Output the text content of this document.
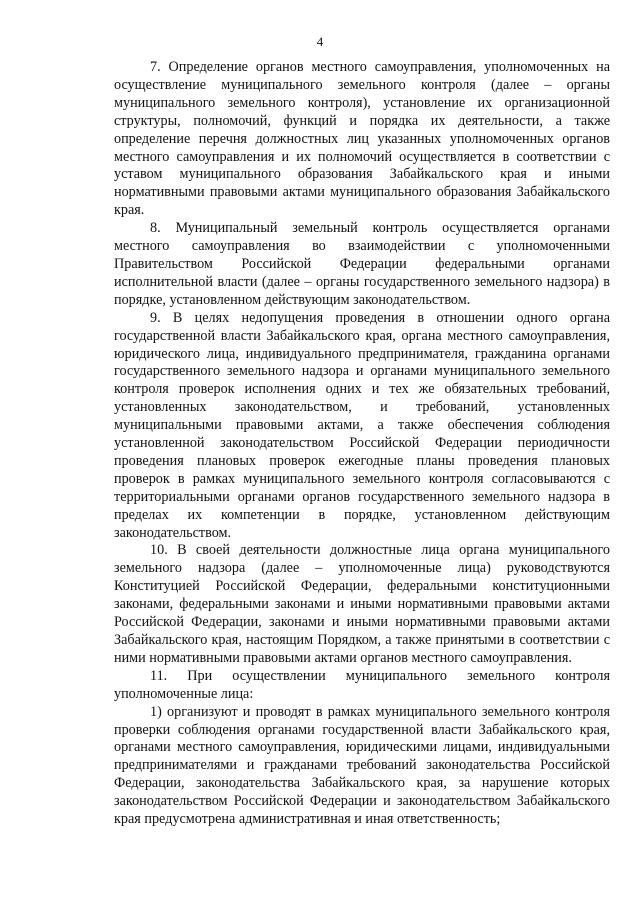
4

7. Определение органов местного самоуправления, уполномоченных на осуществление муниципального земельного контроля (далее – органы муниципального земельного контроля), установление их организационной структуры, полномочий, функций и порядка их деятельности, а также определение перечня должностных лиц указанных уполномоченных органов местного самоуправления и их полномочий осуществляется в соответствии с уставом муниципального образования Забайкальского края и иными нормативными правовыми актами муниципального образования Забайкальского края.

8. Муниципальный земельный контроль осуществляется органами местного самоуправления во взаимодействии с уполномоченными Правительством Российской Федерации федеральными органами исполнительной власти (далее – органы государственного земельного надзора) в порядке, установленном действующим законодательством.

9. В целях недопущения проведения в отношении одного органа государственной власти Забайкальского края, органа местного самоуправления, юридического лица, индивидуального предпринимателя, гражданина органами государственного земельного надзора и органами муниципального земельного контроля проверок исполнения одних и тех же обязательных требований, установленных законодательством, и требований, установленных муниципальными правовыми актами, а также обеспечения соблюдения установленной законодательством Российской Федерации периодичности проведения плановых проверок ежегодные планы проведения плановых проверок в рамках муниципального земельного контроля согласовываются с территориальными органами органов государственного земельного надзора в пределах их компетенции в порядке, установленном действующим законодательством.

10. В своей деятельности должностные лица органа муниципального земельного надзора (далее – уполномоченные лица) руководствуются Конституцией Российской Федерации, федеральными конституционными законами, федеральными законами и иными нормативными правовыми актами Российской Федерации, законами и иными нормативными правовыми актами Забайкальского края, настоящим Порядком, а также принятыми в соответствии с ними нормативными правовыми актами органов местного самоуправления.

11. При осуществлении муниципального земельного контроля уполномоченные лица:

1) организуют и проводят в рамках муниципального земельного контроля проверки соблюдения органами государственной власти Забайкальского края, органами местного самоуправления, юридическими лицами, индивидуальными предпринимателями и гражданами требований законодательства Российской Федерации, законодательства Забайкальского края, за нарушение которых законодательством Российской Федерации и законодательством Забайкальского края предусмотрена административная и иная ответственность;
